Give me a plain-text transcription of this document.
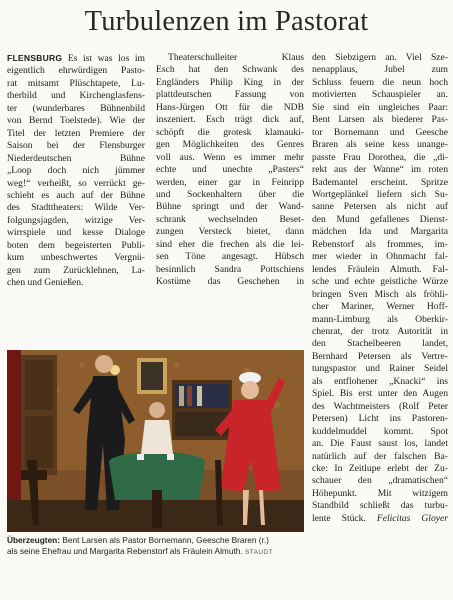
Turbulenzen im Pastorat
FLENSBURG Es ist was los im
eigentlich ehrwürdigen Pasto-
rat mitsamt Plüschtapete, Lu-
therbild und Kirchenglasfens-
ter (wunderbares Bühnenbild
von Bernd Toelstede). Wie der
Titel der letzten Premiere der
Saison bei der Flensburger
Niederdeutschen Bühne
„Loop doch nich jümmer
weg!“ verheißt, so verrückt ge-
schieht es auch auf der Bühne
des Stadttheaters: Wilde Ver-
folgungsjagden, witzige Ver-
wirrspiele und kesse Dialoge
boten dem begeisterten Publi-
kum unbeschwertes Vergnü-
gen zum Zurücklehnen, La-
chen und Genießen.
Theaterschulleiter Klaus
Esch hat den Schwank des
Engländers Philip King in der
plattdeutschen Fassung von
Hans-Jürgen Ott für die NDB
inszeniert. Esch trägt dick auf,
schöpft die grotesk klamauki-
gen Möglichkeiten des Genres
voll aus. Wenn es immer mehr
echte und unechte „Pasters“
werden, einer gar in Feinripp
und Sockenhaltern über die
Bühne springt und der Wand-
schrank wechselnden Beset-
zungen Versteck bietet, dann
sind eher die frechen als die lei-
sen Töne angesagt. Hübsch
besinnlich Sandra Pottschiens
Kostüme das Geschehen in
den Siebzigern an. Viel Sze-
nenapplaus, Jubel zum
Schluss feuern die neun hoch
motivierten Schauspieler an.
Sie sind ein ungleiches Paar:
Bent Larsen als biederer Pas-
tor Bornemann und Geesche
Braren als seine kess unange-
passte Frau Dorothea, die „di-
rekt aus der Wanne“ im roten
Bademantel erscheint. Spritze
Wortgeplänkel liefern sich Su-
sanne Petersen als nicht auf
den Mund gefallenes Dienst-
mädchen Ida und Margarita
Rebenstorf als frommes, im-
mer wieder in Ohnmacht fal-
lendes Fräulein Almuth. Fal-
sche und echte geistliche Würze
bringen Sven Misch als fröhli-
cher Mariner, Werner Hoff-
mann-Limburg als Oberkir-
chenrat, der trotz Autorität in
den Stachelbeeren landet,
Bernhard Petersen als Vertre-
tungspastor und Rainer Seidel
als entflohener „Knacki“ ins
Spiel. Bis erst unter den Augen
des Wachtmeisters (Rolf Peter
Petersen) Licht ins Pastoren-
kuddelmuddel kommt. Spot
an. Die Faust saust los, landet
natürlich auf der falschen Ba-
cke: In Zeitlupe erlebt der Zu-
schauer den „dramatischen“
Höhepunkt. Mit witzigem
Standbild schließt das turbu-
lente Stück. Felicitas Gloyer
Überzeugten: Bent Larsen als Pastor Bornemann, Geesche Braren (r.)
als seine Ehefrau und Margarita Rebenstorf als Fräulein Almuth. STAUDT
